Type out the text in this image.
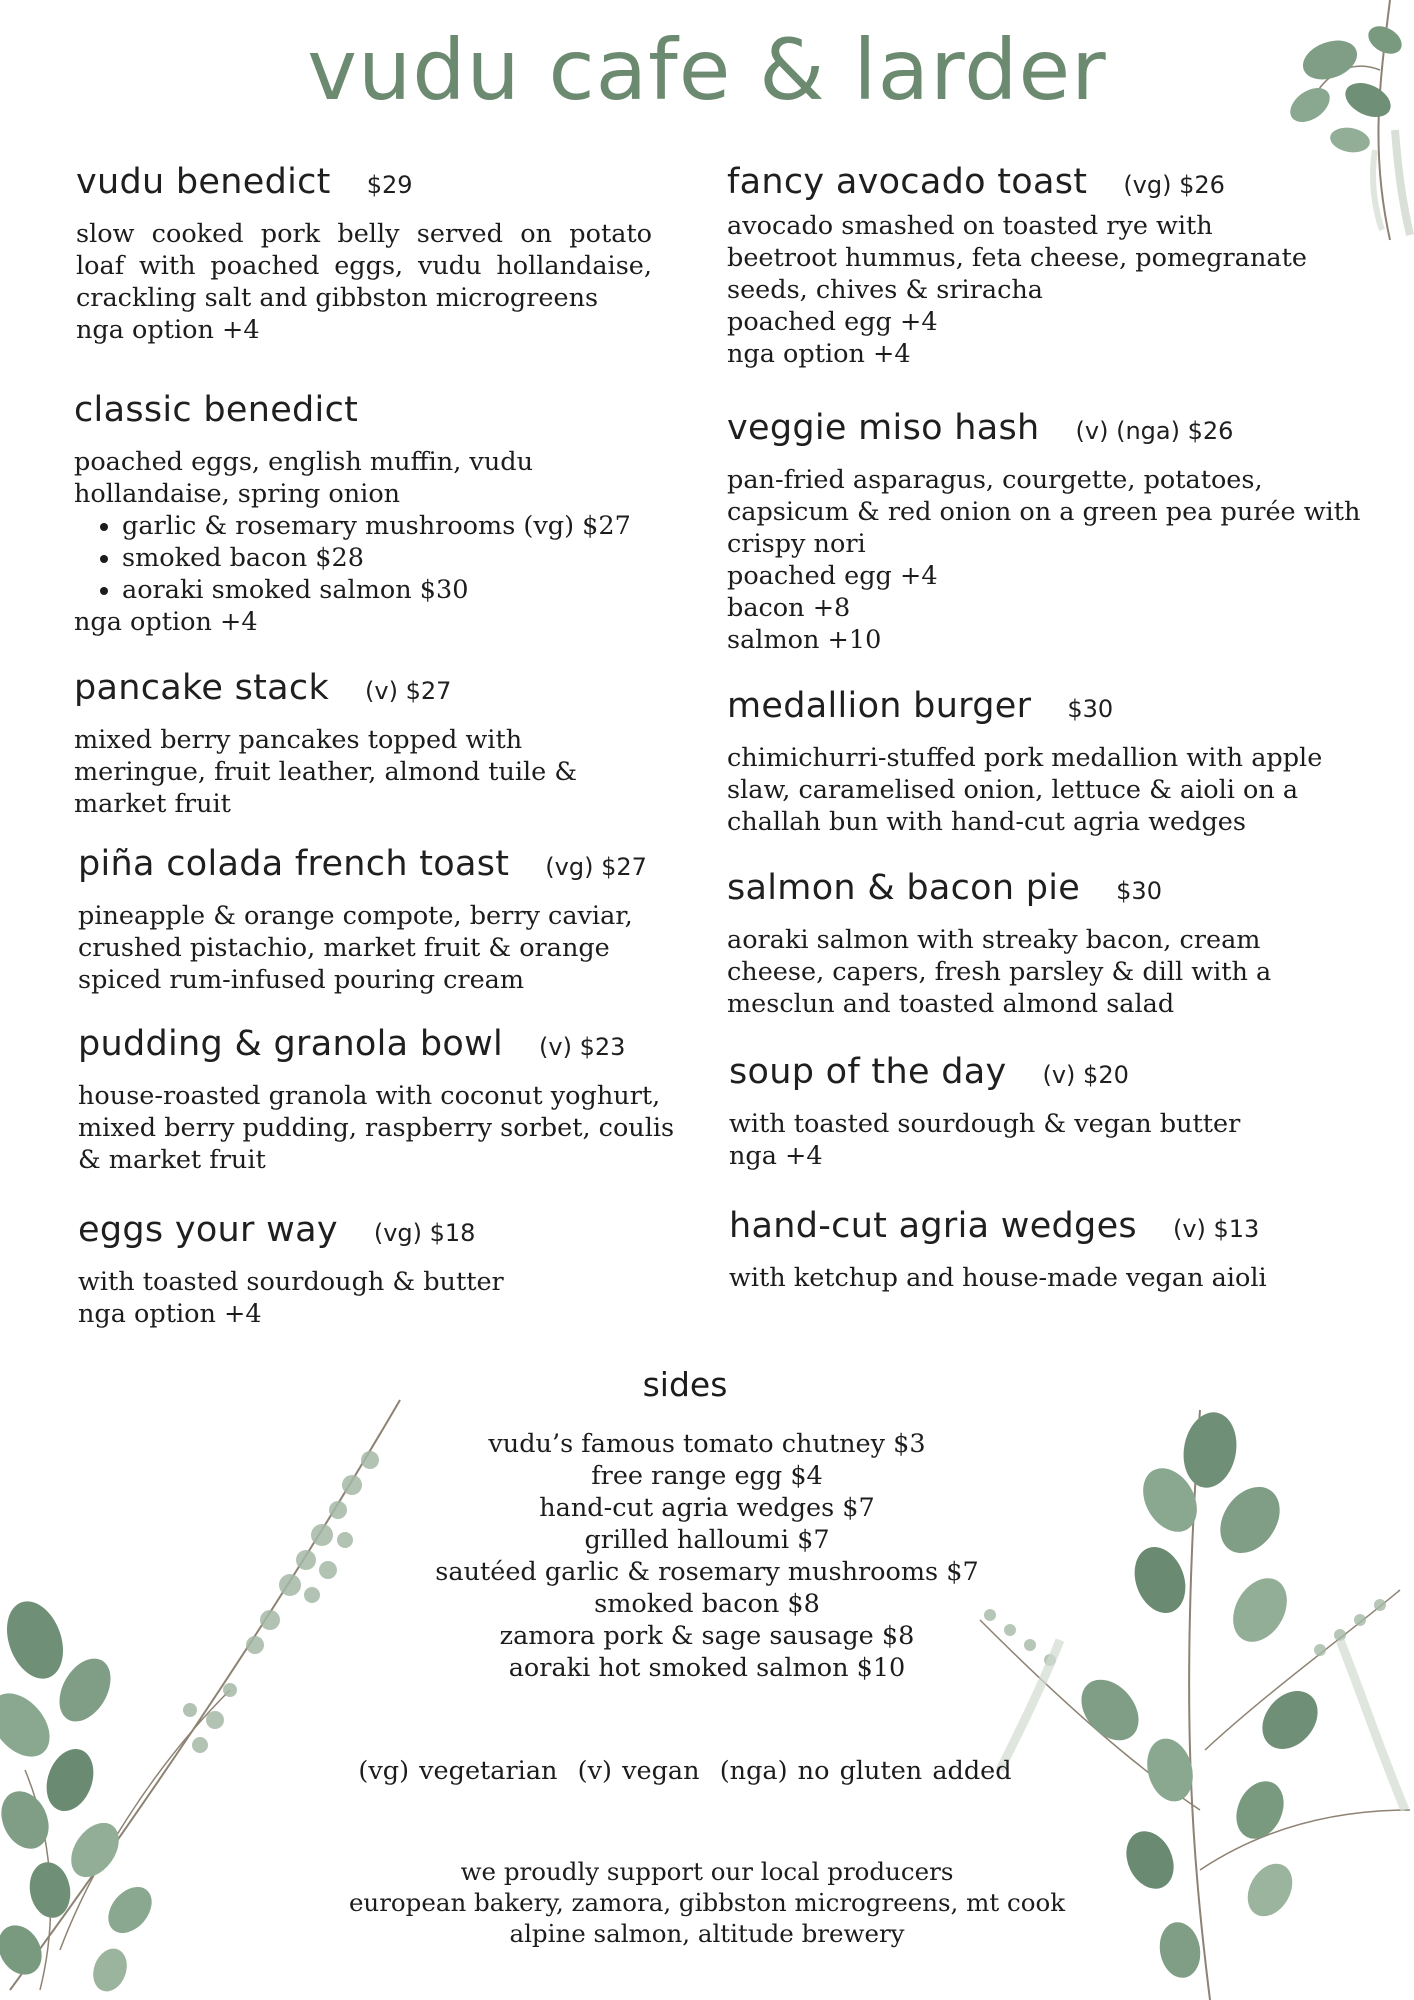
vudu cafe & larder
vudu benedict $29

slow cooked pork belly served on potato loaf with poached eggs, vudu hollandaise, crackling salt and gibbston microgreens

nga option +4

classic benedict

poached eggs, english muffin, vudu hollandaise, spring onion

• garlic & rosemary mushrooms (vg) $27
• smoked bacon $28
• aoraki smoked salmon $30

nga option +4

pancake stack (v) $27

mixed berry pancakes topped with meringue, fruit leather, almond tuile & market fruit

piña colada french toast (vg) $27

pineapple & orange compote, berry caviar, crushed pistachio, market fruit & orange spiced rum-infused pouring cream

pudding & granola bowl (v) $23

house-roasted granola with coconut yoghurt, mixed berry pudding, raspberry sorbet, coulis & market fruit

eggs your way (vg) $18

with toasted sourdough & butter

nga option +4

fancy avocado toast (vg) $26

avocado smashed on toasted rye with beetroot hummus, feta cheese, pomegranate seeds, chives & sriracha

poached egg +4

nga option +4

veggie miso hash (v) (nga) $26

pan-fried asparagus, courgette, potatoes, capsicum & red onion on a green pea purée with crispy nori

poached egg +4

bacon +8

salmon +10

medallion burger $30

chimichurri-stuffed pork medallion with apple slaw, caramelised onion, lettuce & aioli on a challah bun with hand-cut agria wedges

salmon & bacon pie $30

aoraki salmon with streaky bacon, cream cheese, capers, fresh parsley & dill with a mesclun and toasted almond salad

soup of the day (v) $20

with toasted sourdough & vegan butter

nga +4

hand-cut agria wedges (v) $13

with ketchup and house-made vegan aioli

sides
vudu’s famous tomato chutney $3
free range egg $4
hand-cut agria wedges $7
grilled halloumi $7
sautéed garlic & rosemary mushrooms $7
smoked bacon $8
zamora pork & sage sausage $8
aoraki hot smoked salmon $10
(vg) vegetarian  (v) vegan  (nga) no gluten added

we proudly support our local producers

european bakery, zamora, gibbston microgreens, mt cook

alpine salmon, altitude brewery
